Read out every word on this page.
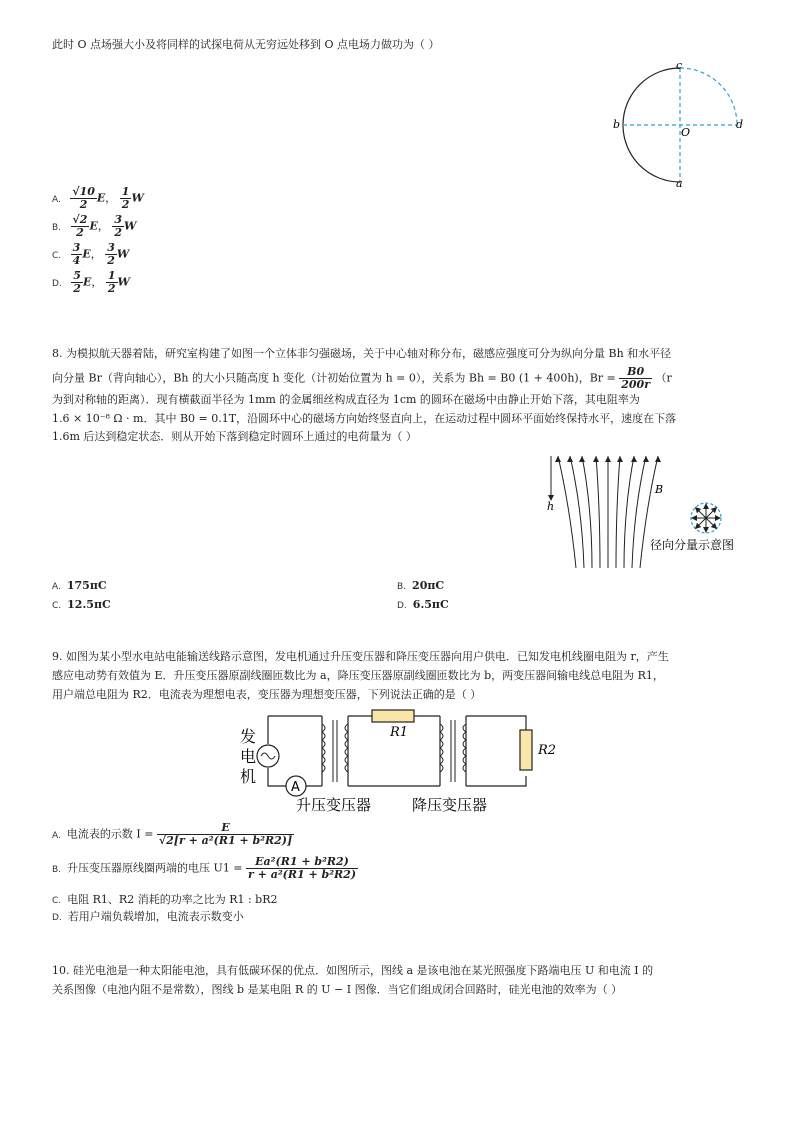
此时 O 点场强大小及将同样的试探电荷从无穷远处移到 O 点电场力做功为（ ）
c
b
O
d
a
A. $\frac{√10}{2}$ E， $\frac{1}{2}$ W
B. $\frac{√2}{2}$ E， $\frac{3}{2}$ W
C. $\frac{3}{4}$ E， $\frac{3}{2}$ W
D. $\frac{5}{2}$ E， $\frac{1}{2}$ W
8. 为模拟航天器着陆，研究室构建了如图一个立体非匀强磁场，关于中心轴对称分布，磁感应强度可分为纵向分量 Bh 和水平径
向分量 Br（背向轴心），Bh 的大小只随高度 h 变化（计初始位置为 h = 0），关系为 Bh = B0 (1 + 400h)，$Br = \frac{B0}{200r} (r$
为到对称轴的距离）．现有横截面半径为 1mm 的金属细丝构成直径为 1cm 的圆环在磁场中由静止开始下落，其电阻率为
1.6 × 10⁻⁸ Ω · m．其中 B0 = 0.1T，沿圆环中心的磁场方向始终竖直向上，在运动过程中圆环平面始终保持水平，速度在下落
1.6m 后达到稳定状态．则从开始下落到稳定时圆环上通过的电荷量为（ ）
h
B
径向分量示意图
A. 175πC	B. 20πC
C. 12.5πC	D. 6.5πC
9. 如图为某小型水电站电能输送线路示意图，发电机通过升压变压器和降压变压器向用户供电．已知发电机线圈电阻为 r，产生
感应电动势有效值为 E．升压变压器原副线圈匝数比为 a，降压变压器原副线圈匝数比为 b，两变压器间输电线总电阻为 R1，
用户端总电阻为 R2．电流表为理想电表，变压器为理想变压器，下列说法正确的是（ ）
A
R1
R2
发
电
机
升压变压器	降压变压器
A. 电流表的示数 $I = \frac{E}{\text{√2[r + a²(R1 + b²R2)]}}$
B. 升压变压器原线圈两端的电压 $U1 = \frac{\text{Ea²(R1 + b²R2)}}{\text{r + a²(R1 + b²R2)}}$
C. 电阻 R1、R2 消耗的功率之比为 R1 : bR2
D. 若用户端负载增加，电流表示数变小
10. 硅光电池是一种太阳能电池，具有低碳环保的优点．如图所示，图线 a 是该电池在某光照强度下路端电压 U 和电流 I 的
关系图像（电池内阻不是常数），图线 b 是某电阻 R 的 U − I 图像．当它们组成闭合回路时，硅光电池的效率为（ ）
